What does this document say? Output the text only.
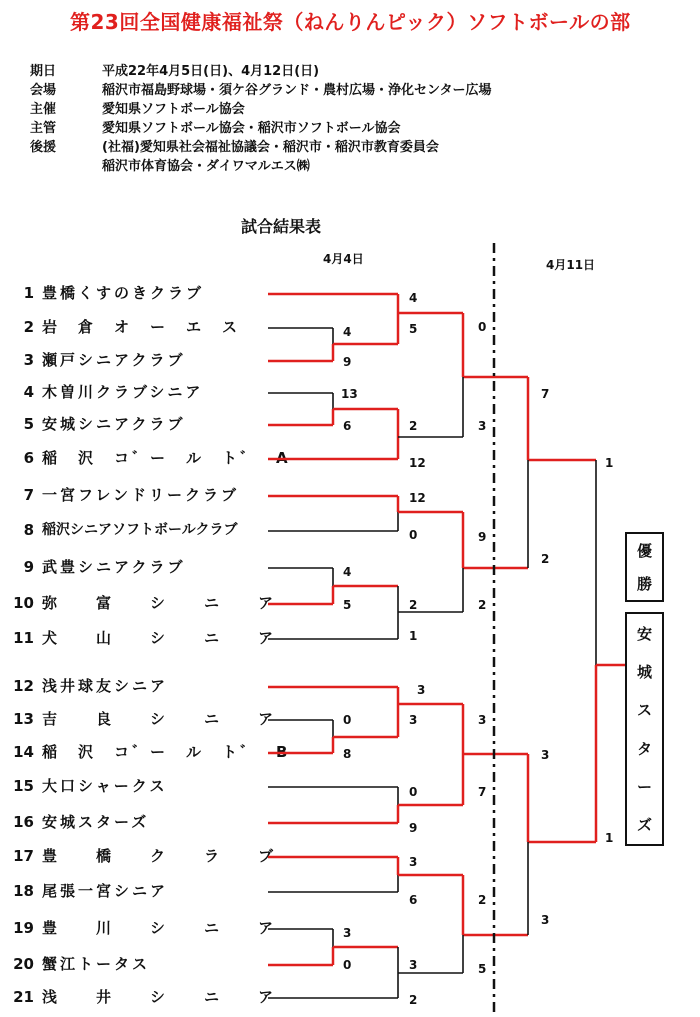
第23回全国健康福祉祭（ねんりんピック）ソフトボールの部
期日	平成22年4月5日(日)、4月12日(日)
会場	稲沢市福島野球場・須ケ谷グランド・農村広場・浄化センター広場
主催	愛知県ソフトボール協会
主管	愛知県ソフトボール協会・稲沢市ソフトボール協会
後援	(社福)愛知県社会福祉協議会・稲沢市・稲沢市教育委員会
稲沢市体育協会・ダイワマルエス㈱
試合結果表
4月4日	4月11日
1 豊橋くすのきクラブ
2 岩　倉　オ　ー　エ　ス
3 瀬戸シニアクラブ
4 木曽川クラブシニア
5 安城シニアクラブ
6 稲　沢　コ゛ー　ル　ト゛　A
7 一宮フレンドリークラブ
8 稲沢シニアソフトボールクラブ
9 武豊シニアクラブ
10 弥　　富　　シ　　ニ　　ア
11 犬　　山　　シ　　ニ　　ア
12 浅井球友シニア
13 吉　　良　　シ　　ニ　　ア
14 稲　沢　コ゛ー　ル　ト゛　B
15 大口シャークス
16 安城スターズ
17 豊　　橋　　ク　　ラ　　ブ
18 尾張一宮シニア
19 豊　　川　　シ　　ニ　　ア
20 蟹江トータス
21 浅　　井　　シ　　ニ　　ア
4
5	0
4
9
13
6	2	3
12
7
12
0	9
4
5	2	2
1
1
2
3
3
0	3
8	3
0	7
9
3
6	2
3
3
0	3	5
2
1
優
勝
安
城
ス
タ
ー
ズ
